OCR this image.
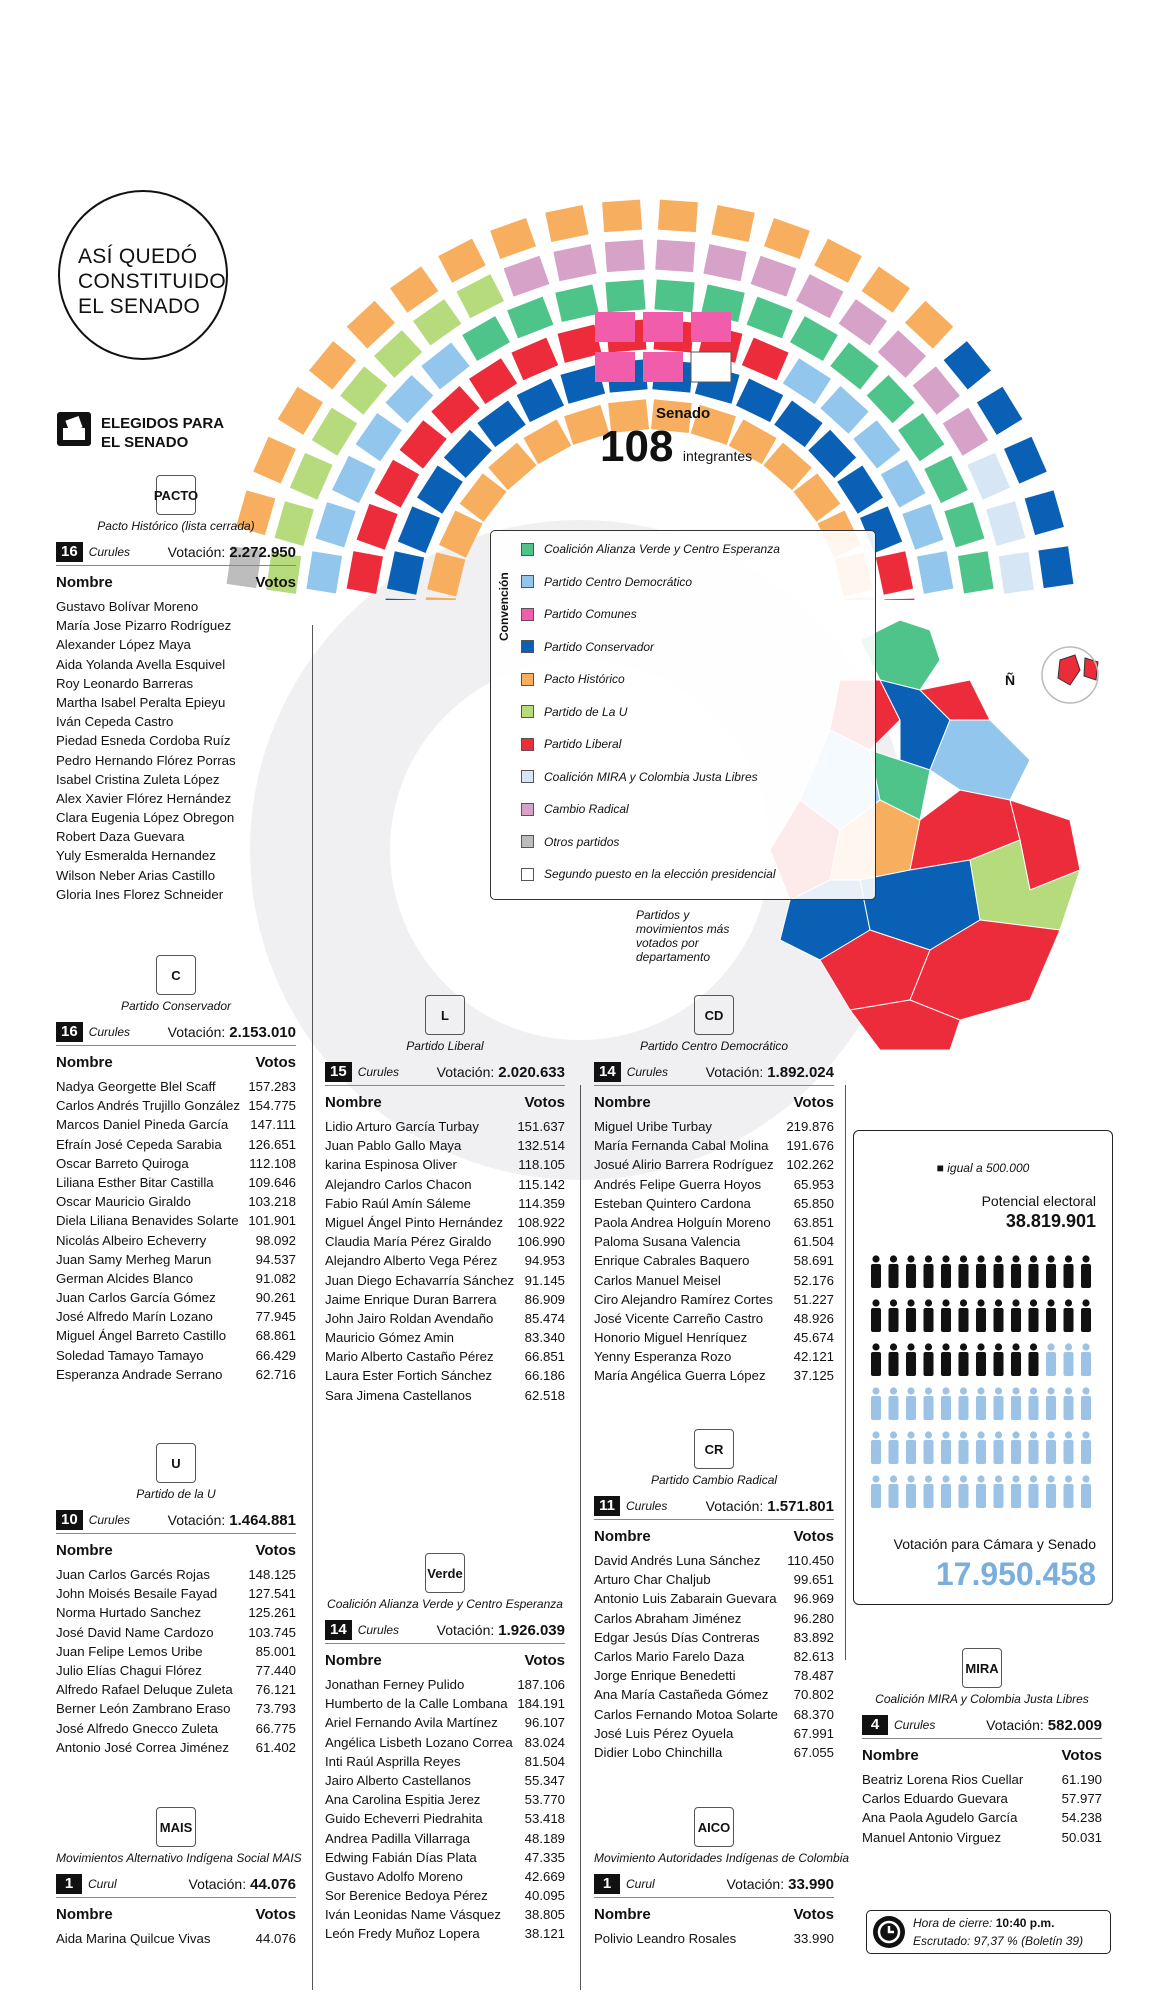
ASÍ QUEDÓ CONSTITUIDO EL SENADO
ELEGIDOS PARA EL SENADO
Senado
108 integrantes
Ñ
Convención
Coalición Alianza Verde y Centro Esperanza
Partido Centro Democrático
Partido Comunes
Partido Conservador
Pacto Histórico
Partido de La U
Partido Liberal
Coalición MIRA y Colombia Justa Libres
Cambio Radical
Otros partidos
Segundo puesto en la elección presidencial
Partidos y movimientos más votados por departamento
PACTO
Pacto Histórico (lista cerrada)
16 Curules	Votación: 2.272.950
Nombre	Votos
Gustavo Bolívar Moreno
María Jose Pizarro Rodríguez
Alexander López Maya
Aida Yolanda Avella Esquivel
Roy Leonardo Barreras
Martha Isabel Peralta Epieyu
Iván Cepeda Castro
Piedad Esneda Cordoba Ruíz
Pedro Hernando Flórez Porras
Isabel Cristina Zuleta López
Alex Xavier Flórez Hernández
Clara Eugenia López Obregon
Robert Daza Guevara
Yuly Esmeralda Hernandez
Wilson Neber Arias Castillo
Gloria Ines Florez Schneider
C
Partido Conservador
16 Curules	Votación: 2.153.010
Nombre	Votos
Nadya Georgette Blel Scaff 157.283
Carlos Andrés Trujillo González 154.775
Marcos Daniel Pineda García 147.111
Efraín José Cepeda Sarabia 126.651
Oscar Barreto Quiroga	112.108
Liliana Esther Bitar Castilla	109.646
Oscar Mauricio Giraldo	103.218
Diela Liliana Benavides Solarte 101.901
Nicolás Albeiro Echeverry	98.092
Juan Samy Merheg Marun	94.537
German Alcides Blanco	91.082
Juan Carlos García Gómez	90.261
José Alfredo Marín Lozano	77.945
Miguel Ángel Barreto Castillo 68.861
Soledad Tamayo Tamayo	66.429
Esperanza Andrade Serrano	62.716
U
Partido de la U
10 Curules	Votación: 1.464.881
Nombre	Votos
Juan Carlos Garcés Rojas	148.125
John Moisés Besaile Fayad 127.541
Norma Hurtado Sanchez	125.261
José David Name Cardozo	103.745
Juan Felipe Lemos Uribe	85.001
Julio Elías Chagui Flórez	77.440
Alfredo Rafael Deluque Zuleta 76.121
Berner León Zambrano Eraso 73.793
José Alfredo Gnecco Zuleta	66.775
Antonio José Correa Jiménez 61.402
MAIS
Movimientos Alternativo Indígena Social MAIS
1	Curul	Votación: 44.076
Nombre	Votos
Aida Marina Quilcue Vivas	44.076
L
Partido Liberal
15 Curules	Votación: 2.020.633
Nombre	Votos
Lidio Arturo García Turbay	151.637
Juan Pablo Gallo Maya	132.514
karina Espinosa Oliver	118.105
Alejandro Carlos Chacon	115.142
Fabio Raúl Amín Sáleme	114.359
Miguel Ángel Pinto Hernández 108.922
Claudia María Pérez Giraldo 106.990
Alejandro Alberto Vega Pérez 94.953
Juan Diego Echavarría Sánchez 91.145
Jaime Enrique Duran Barrera 86.909
John Jairo Roldan Avendaño 85.474
Mauricio Gómez Amin	83.340
Mario Alberto Castaño Pérez 66.851
Laura Ester Fortich Sánchez 66.186
Sara Jimena Castellanos	62.518
Verde
Coalición Alianza Verde y Centro Esperanza
14 Curules	Votación: 1.926.039
Nombre	Votos
Jonathan Ferney Pulido	187.106
Humberto de la Calle Lombana 184.191
Ariel Fernando Avila Martínez 96.107
Angélica Lisbeth Lozano Correa 83.024
Inti Raúl Asprilla Reyes	81.504
Jairo Alberto Castellanos	55.347
Ana Carolina Espitia Jerez	53.770
Guido Echeverri Piedrahita	53.418
Andrea Padilla Villarraga	48.189
Edwing Fabián Días Plata	47.335
Gustavo Adolfo Moreno	42.669
Sor Berenice Bedoya Pérez	40.095
Iván Leonidas Name Vásquez 38.805
León Fredy Muñoz Lopera	38.121
CD
Partido Centro Democrático
14 Curules	Votación: 1.892.024
Nombre	Votos
Miguel Uribe Turbay	219.876
María Fernanda Cabal Molina 191.676
Josué Alirio Barrera Rodríguez 102.262
Andrés Felipe Guerra Hoyos 65.953
Esteban Quintero Cardona	65.850
Paola Andrea Holguín Moreno 63.851
Paloma Susana Valencia	61.504
Enrique Cabrales Baquero	58.691
Carlos Manuel Meisel	52.176
Ciro Alejandro Ramírez Cortes 51.227
José Vicente Carreño Castro 48.926
Honorio Miguel Henríquez	45.674
Yenny Esperanza Rozo	42.121
María Angélica Guerra López 37.125
CR
Partido Cambio Radical
11 Curules	Votación: 1.571.801
Nombre	Votos
David Andrés Luna Sánchez 110.450
Arturo Char Chaljub	99.651
Antonio Luis Zabarain Guevara 96.969
Carlos Abraham Jiménez	96.280
Edgar Jesús Días Contreras	83.892
Carlos Mario Farelo Daza	82.613
Jorge Enrique Benedetti	78.487
Ana María Castañeda Gómez 70.802
Carlos Fernando Motoa Solarte 68.370
José Luis Pérez Oyuela	67.991
Didier Lobo Chinchilla	67.055
AICO
Movimiento Autoridades Indígenas de Colombia
1	Curul	Votación: 33.990
Nombre	Votos
Polivio Leandro Rosales	33.990
MIRA
Coalición MIRA y Colombia Justa Libres
4	Curules	Votación: 582.009
Nombre	Votos
Beatriz Lorena Rios Cuellar	61.190
Carlos Eduardo Guevara	57.977
Ana Paola Agudelo García	54.238
Manuel Antonio Virguez	50.031
■ igual a 500.000
Potencial electoral
38.819.901
Votación para Cámara y Senado
17.950.458
Hora de cierre: 10:40 p.m.
Escrutado: 97,37 % (Boletín 39)
